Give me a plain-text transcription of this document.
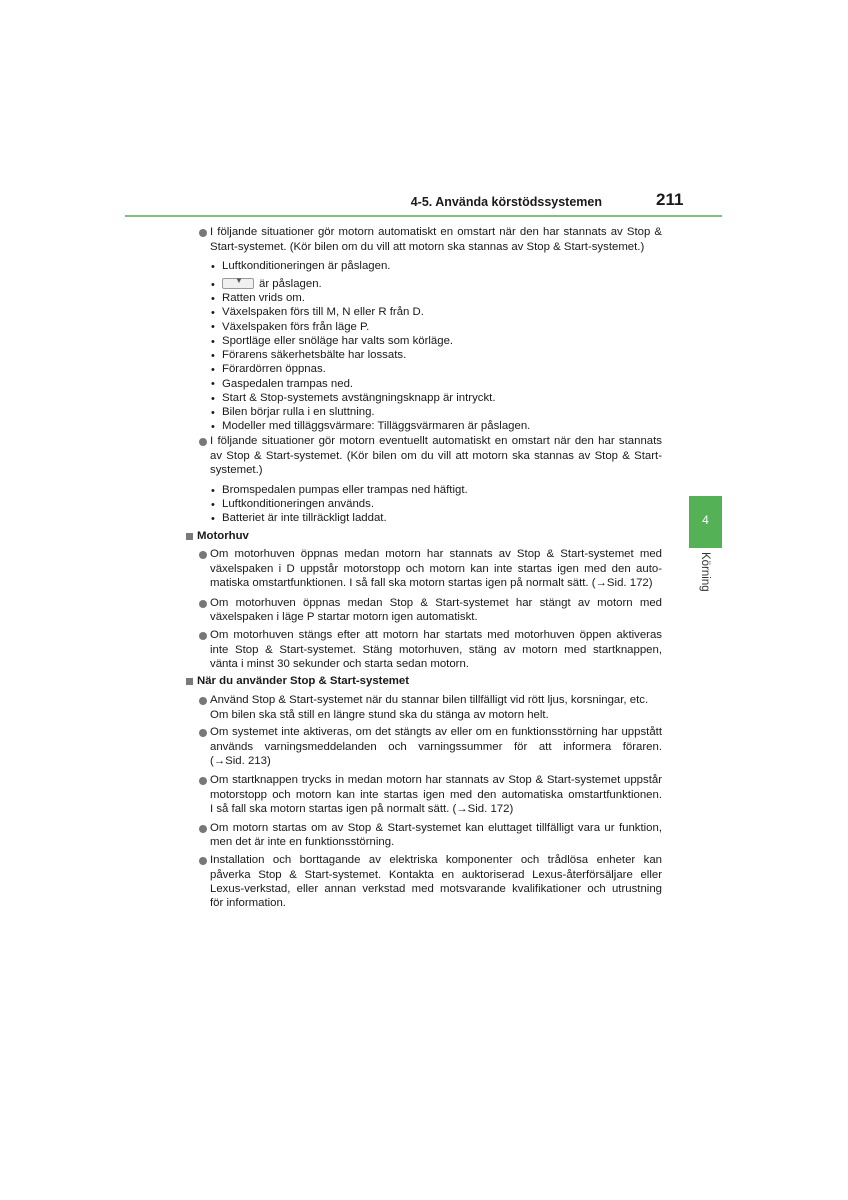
4-5. Använda körstödssystemen	211
4
Körning
I följande situationer gör motorn automatiskt en omstart när den har stannats av Stop &
Start-systemet. (Kör bilen om du vill att motorn ska stannas av Stop & Start-systemet.)
• Luftkonditioneringen är påslagen.
•	▼ är påslagen.
• Ratten vrids om.
• Växelspaken förs till M, N eller R från D.
• Växelspaken förs från läge P.
• Sportläge eller snöläge har valts som körläge.
• Förarens säkerhetsbälte har lossats.
• Förardörren öppnas.
• Gaspedalen trampas ned.
• Start & Stop-systemets avstängningsknapp är intryckt.
• Bilen börjar rulla i en sluttning.
• Modeller med tilläggsvärmare: Tilläggsvärmaren är påslagen.
I följande situationer gör motorn eventuellt automatiskt en omstart när den har stannats
av Stop & Start-systemet. (Kör bilen om du vill att motorn ska stannas av Stop & Start-
systemet.)
• Bromspedalen pumpas eller trampas ned häftigt.
• Luftkonditioneringen används.
• Batteriet är inte tillräckligt laddat.
Motorhuv
Om motorhuven öppnas medan motorn har stannats av Stop & Start-systemet med
växelspaken i D uppstår motorstopp och motorn kan inte startas igen med den auto-
matiska omstartfunktionen. I så fall ska motorn startas igen på normalt sätt. (→Sid. 172)
Om motorhuven öppnas medan Stop & Start-systemet har stängt av motorn med
växelspaken i läge P startar motorn igen automatiskt.
Om motorhuven stängs efter att motorn har startats med motorhuven öppen aktiveras
inte Stop & Start-systemet. Stäng motorhuven, stäng av motorn med startknappen,
vänta i minst 30 sekunder och starta sedan motorn.
När du använder Stop & Start-systemet
Använd Stop & Start-systemet när du stannar bilen tillfälligt vid rött ljus, korsningar, etc.
Om bilen ska stå still en längre stund ska du stänga av motorn helt.
Om systemet inte aktiveras, om det stängts av eller om en funktionsstörning har uppstått
används varningsmeddelanden och varningssummer för att informera föraren.
(→Sid. 213)
Om startknappen trycks in medan motorn har stannats av Stop & Start-systemet uppstår
motorstopp och motorn kan inte startas igen med den automatiska omstartfunktionen.
I så fall ska motorn startas igen på normalt sätt. (→Sid. 172)
Om motorn startas om av Stop & Start-systemet kan eluttaget tillfälligt vara ur funktion,
men det är inte en funktionsstörning.
Installation och borttagande av elektriska komponenter och trådlösa enheter kan
påverka Stop & Start-systemet. Kontakta en auktoriserad Lexus-återförsäljare eller
Lexus-verkstad, eller annan verkstad med motsvarande kvalifikationer och utrustning
för information.
